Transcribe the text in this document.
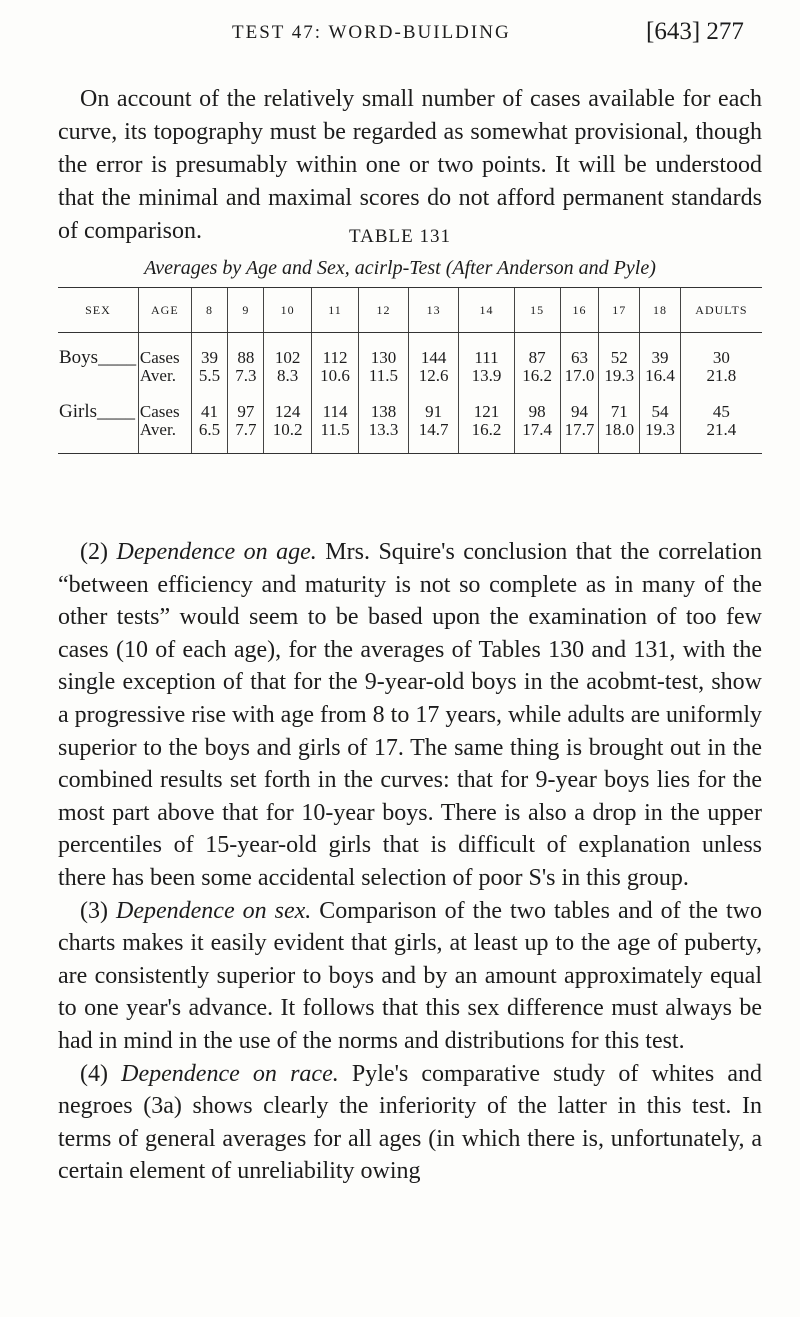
TEST 47: WORD-BUILDING	[643] 277

On account of the relatively small number of cases available for each curve, its topography must be regarded as somewhat provisional, though the error is presumably within one or two points. It will be understood that the minimal and maximal scores do not afford permanent standards of comparison.	TABLE 131
Averages by Age and Sex, acirlp-Test (After Anderson and Pyle)
SEX	AGE	8	9	10	11	12	13	14	15	16	17	18	ADULTS
Boys____	Cases	39	88	102	112	130	144	111	87	63	52	39	30
	Aver.	5.5	7.3	8.3	10.6	11.5	12.6	13.9	16.2	17.0	19.3	16.4	21.8
Girls____	Cases	41	97	124	114	138	91	121	98	94	71	54	45
	Aver.	6.5	7.7	10.2	11.5	13.3	14.7	16.2	17.4	17.7	18.0	19.3	21.4

(2) Dependence on age. Mrs. Squire's conclusion that the correlation “between efficiency and maturity is not so complete as in many of the other tests” would seem to be based upon the examination of too few cases (10 of each age), for the averages of Tables 130 and 131, with the single exception of that for the 9-year-old boys in the acobmt-test, show a progressive rise with age from 8 to 17 years, while adults are uniformly superior to the boys and girls of 17. The same thing is brought out in the combined results set forth in the curves: that for 9-year boys lies for the most part above that for 10-year boys. There is also a drop in the upper percentiles of 15-year-old girls that is difficult of explanation unless there has been some accidental selection of poor S's in this group.

(3) Dependence on sex. Comparison of the two tables and of the two charts makes it easily evident that girls, at least up to the age of puberty, are consistently superior to boys and by an amount approximately equal to one year's advance. It follows that this sex difference must always be had in mind in the use of the norms and distributions for this test.

(4) Dependence on race. Pyle's comparative study of whites and negroes (3a) shows clearly the inferiority of the latter in this test. In terms of general averages for all ages (in which there is, unfortunately, a certain element of unreliability owing
